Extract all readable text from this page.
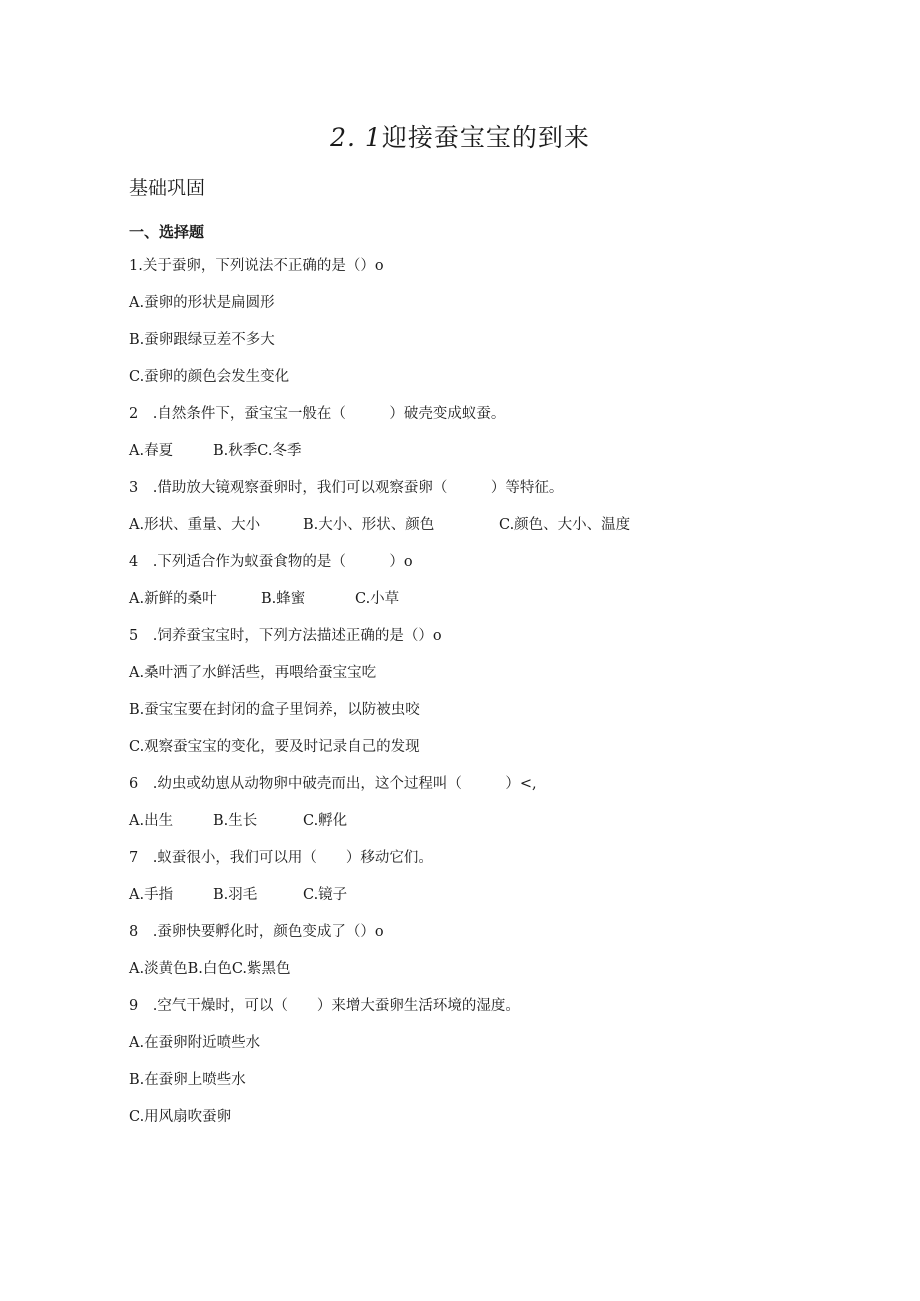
2. 1迎接蚕宝宝的到来
基础巩固
一、选择题
1.关于蚕卵，下列说法不正确的是（）o
A.蚕卵的形状是扁圆形
B.蚕卵跟绿豆差不多大
C.蚕卵的颜色会发生变化
2　.自然条件下，蚕宝宝一般在（　　　）破壳变成蚁蚕。
A.春夏	B.秋季C.冬季
3　.借助放大镜观察蚕卵时，我们可以观察蚕卵（　　　）等特征。
A.形状、重量、大小	B.大小、形状、颜色	C.颜色、大小、温度
4　.下列适合作为蚁蚕食物的是（　　　）o
A.新鲜的桑叶	B.蜂蜜	C.小草
5　.饲养蚕宝宝时，下列方法描述正确的是（）o
A.桑叶洒了水鲜活些，再喂给蚕宝宝吃
B.蚕宝宝要在封闭的盒子里饲养，以防被虫咬
C.观察蚕宝宝的变化，要及时记录自己的发现
6　.幼虫或幼崽从动物卵中破壳而出，这个过程叫（　　　）<,
A.出生	B.生长	C.孵化
7　.蚁蚕很小，我们可以用（　　）移动它们。
A.手指	B.羽毛	C.镜子
8　.蚕卵快要孵化时，颜色变成了（）o
A.淡黄色B.白色C.紫黑色
9　.空气干燥时，可以（　　）来增大蚕卵生活环境的湿度。
A.在蚕卵附近喷些水
B.在蚕卵上喷些水
C.用风扇吹蚕卵
